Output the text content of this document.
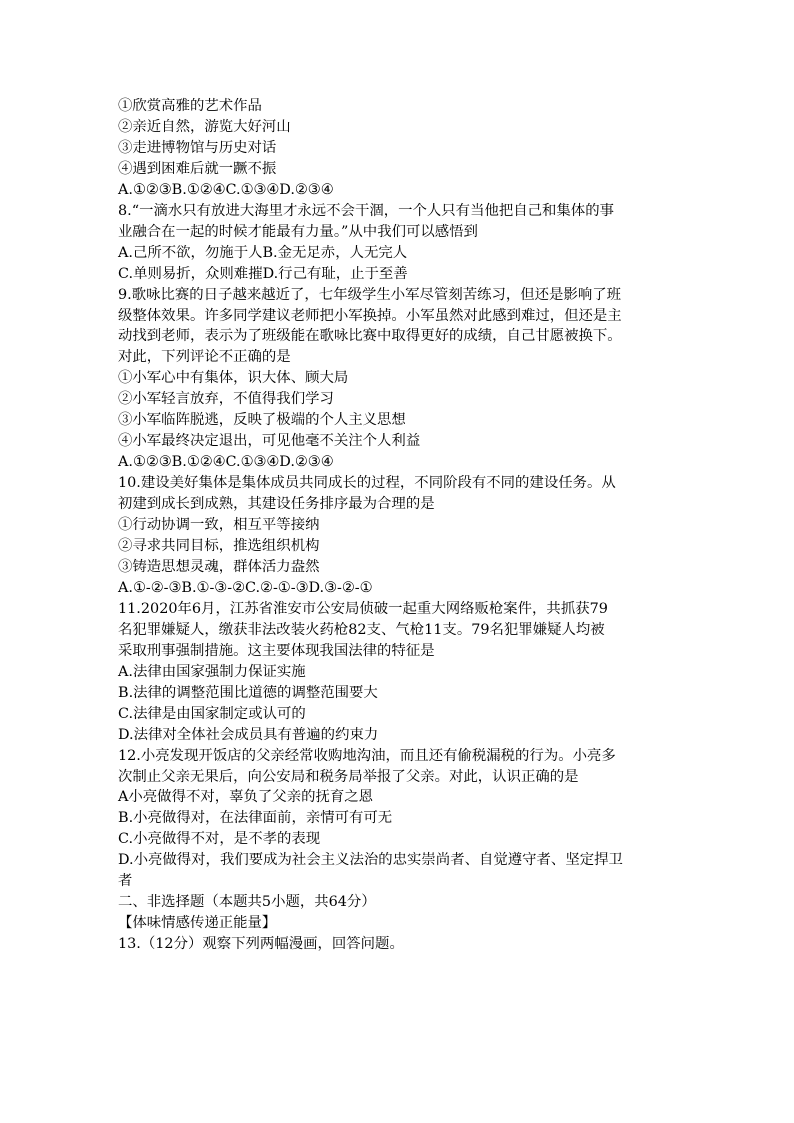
①欣赏高雅的艺术作品
②亲近自然，游览大好河山
③走进博物馆与历史对话
④遇到困难后就一蹶不振
A.①②③B.①②④C.①③④D.②③④
8.“一滴水只有放进大海里才永远不会干涸，一个人只有当他把自己和集体的事
业融合在一起的时候才能最有力量。”从中我们可以感悟到
A.己所不欲，勿施于人B.金无足赤，人无完人
C.单则易折，众则难摧D.行己有耻，止于至善
9.歌咏比赛的日子越来越近了，七年级学生小军尽管刻苦练习，但还是影响了班
级整体效果。许多同学建议老师把小军换掉。小军虽然对此感到难过，但还是主
动找到老师，表示为了班级能在歌咏比赛中取得更好的成绩，自己甘愿被换下。
对此，下列评论不正确的是
①小军心中有集体，识大体、顾大局
②小军轻言放弃，不值得我们学习
③小军临阵脱逃，反映了极端的个人主义思想
④小军最终决定退出，可见他毫不关注个人利益
A.①②③B.①②④C.①③④D.②③④
10.建设美好集体是集体成员共同成长的过程，不同阶段有不同的建设任务。从
初建到成长到成熟，其建设任务排序最为合理的是
①行动协调一致，相互平等接纳
②寻求共同目标，推选组织机构
③铸造思想灵魂，群体活力盎然
A.①-②-③B.①-③-②C.②-①-③D.③-②-①
11.2020年6月，江苏省淮安市公安局侦破一起重大网络贩枪案件，共抓获79
名犯罪嫌疑人，缴获非法改装火药枪82支、气枪11支。79名犯罪嫌疑人均被
采取刑事强制措施。这主要体现我国法律的特征是
A.法律由国家强制力保证实施
B.法律的调整范围比道德的调整范围要大
C.法律是由国家制定或认可的
D.法律对全体社会成员具有普遍的约束力
12.小亮发现开饭店的父亲经常收购地沟油，而且还有偷税漏税的行为。小亮多
次制止父亲无果后，向公安局和税务局举报了父亲。对此，认识正确的是
A小亮做得不对，辜负了父亲的抚育之恩
B.小亮做得对，在法律面前，亲情可有可无
C.小亮做得不对，是不孝的表现
D.小亮做得对，我们要成为社会主义法治的忠实崇尚者、自觉遵守者、坚定捍卫
者
二、非选择题（本题共5小题，共64分）
【体味情感传递正能量】
13.（12分）观察下列两幅漫画，回答问题。
